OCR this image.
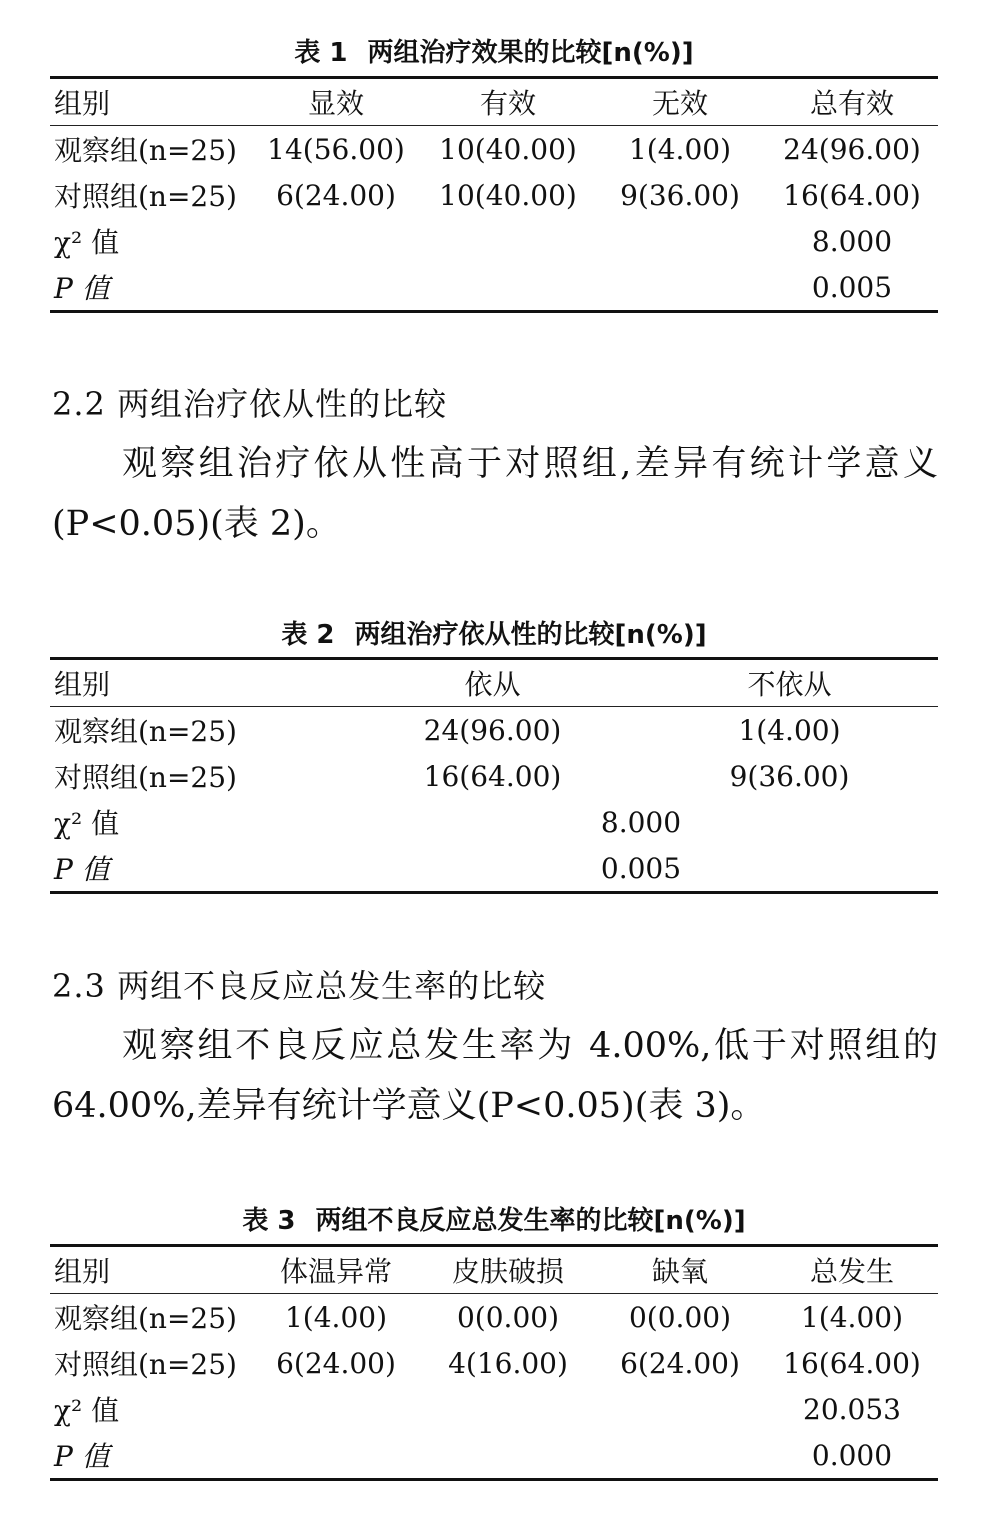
表 1 两组治疗效果的比较[n(%)]
组别	显效	有效	无效	总有效
观察组(n=25)	14(56.00)	10(40.00)	1(4.00)	24(96.00)
对照组(n=25)	6(24.00)	10(40.00)	9(36.00)	16(64.00)
χ² 值				8.000
P 值				0.005
2.2 两组治疗依从性的比较
观察组治疗依从性高于对照组,差异有统计学意义(P<0.05)(表 2)。
表 2 两组治疗依从性的比较[n(%)]
组别	依从	不依从
观察组(n=25)	24(96.00)	1(4.00)
对照组(n=25)	16(64.00)	9(36.00)
χ² 值	8.000	
P 值	0.005	
2.3 两组不良反应总发生率的比较
观察组不良反应总发生率为 4.00%,低于对照组的 64.00%,差异有统计学意义(P<0.05)(表 3)。
表 3 两组不良反应总发生率的比较[n(%)]
组别	体温异常	皮肤破损	缺氧	总发生
观察组(n=25)	1(4.00)	0(0.00)	0(0.00)	1(4.00)
对照组(n=25)	6(24.00)	4(16.00)	6(24.00)	16(64.00)
χ² 值				20.053
P 值				0.000
